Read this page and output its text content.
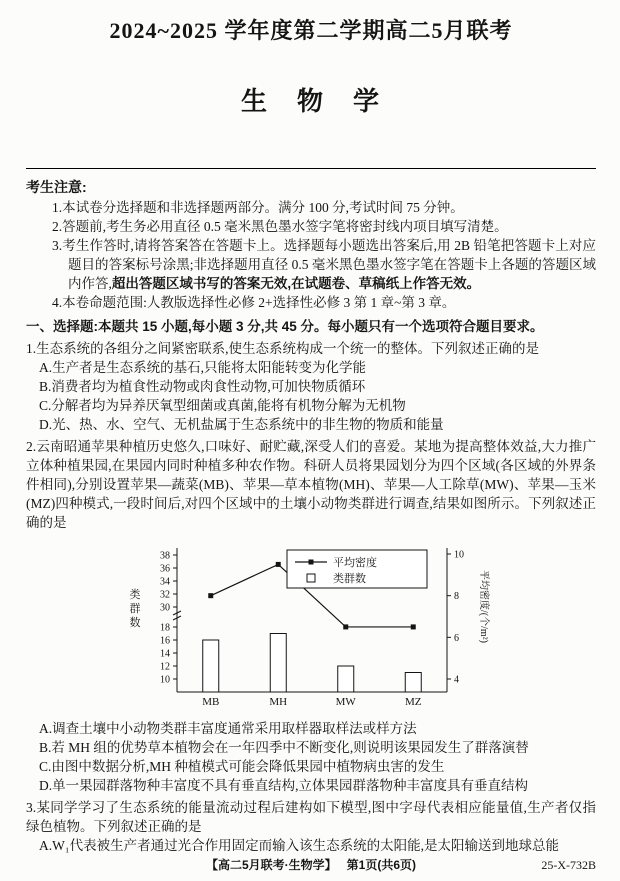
2024~2025 学年度第二学期高二5月联考
生　物　学
考生注意:
1.本试卷分选择题和非选择题两部分。满分 100 分,考试时间 75 分钟。
2.答题前,考生务必用直径 0.5 毫米黑色墨水签字笔将密封线内项目填写清楚。
3.考生作答时,请将答案答在答题卡上。选择题每小题选出答案后,用 2B 铅笔把答题卡上对应题目的答案标号涂黑;非选择题用直径 0.5 毫米黑色墨水签字笔在答题卡上各题的答题区域内作答,超出答题区域书写的答案无效,在试题卷、草稿纸上作答无效。
4.本卷命题范围:人教版选择性必修 2+选择性必修 3 第 1 章~第 3 章。
一、选择题:本题共 15 小题,每小题 3 分,共 45 分。每小题只有一个选项符合题目要求。
1.生态系统的各组分之间紧密联系,使生态系统构成一个统一的整体。下列叙述正确的是
A.生产者是生态系统的基石,只能将太阳能转变为化学能
B.消费者均为植食性动物或肉食性动物,可加快物质循环
C.分解者均为异养厌氧型细菌或真菌,能将有机物分解为无机物
D.光、热、水、空气、无机盐属于生态系统中的非生物的物质和能量
2.云南昭通苹果种植历史悠久,口味好、耐贮藏,深受人们的喜爱。某地为提高整体效益,大力推广立体种植果园,在果园内同时种植多种农作物。科研人员将果园划分为四个区域(各区域的外界条件相同),分别设置苹果—蔬菜(MB)、苹果—草本植物(MH)、苹果—人工除草(MW)、苹果—玉米(MZ)四种模式,一段时间后,对四个区域中的土壤小动物类群进行调查,结果如图所示。下列叙述正确的是
10
12
14
16
18
30
32
34
36
38
4
6
8
10
MB	MH	MW	MZ
类
群
数	平均密度/(个/m²)
平均密度
类群数
A.调查土壤中小动物类群丰富度通常采用取样器取样法或样方法
B.若 MH 组的优势草本植物会在一年四季中不断变化,则说明该果园发生了群落演替
C.由图中数据分析,MH 种植模式可能会降低果园中植物病虫害的发生
D.单一果园群落物种丰富度不具有垂直结构,立体果园群落物种丰富度具有垂直结构
3.某同学学习了生态系统的能量流动过程后建构如下模型,图中字母代表相应能量值,生产者仅指绿色植物。下列叙述正确的是
A.W₁代表被生产者通过光合作用固定而输入该生态系统的太阳能,是太阳输送到地球总能
【高二5月联考·生物学】 第1页(共6页)	25-X-732B
